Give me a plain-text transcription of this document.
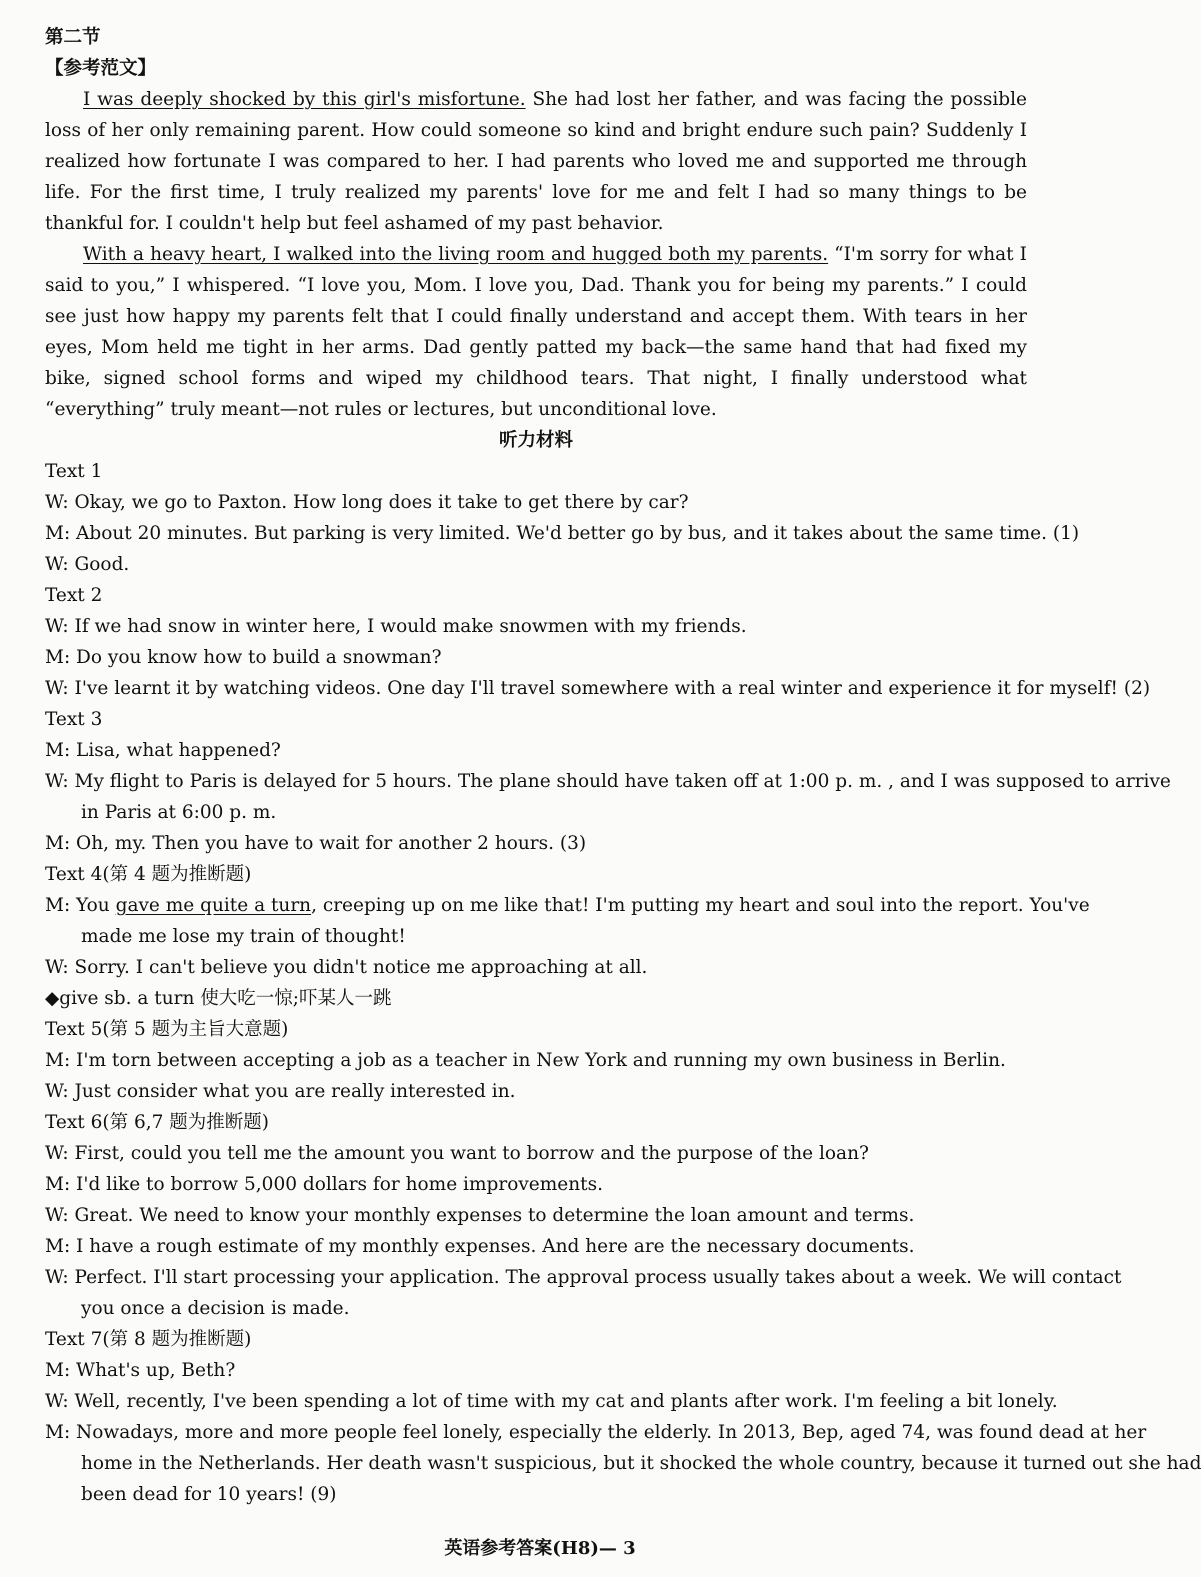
第二节
【参考范文】
I was deeply shocked by this girl's misfortune. She had lost her father, and was facing the possible loss of her only remaining parent. How could someone so kind and bright endure such pain? Suddenly I realized how fortunate I was compared to her. I had parents who loved me and supported me through life. For the first time, I truly realized my parents' love for me and felt I had so many things to be thankful for. I couldn't help but feel ashamed of my past behavior.
With a heavy heart, I walked into the living room and hugged both my parents. “I'm sorry for what I said to you,” I whispered. “I love you, Mom. I love you, Dad. Thank you for being my parents.” I could see just how happy my parents felt that I could finally understand and accept them. With tears in her eyes, Mom held me tight in her arms. Dad gently patted my back—the same hand that had fixed my bike, signed school forms and wiped my childhood tears. That night, I finally understood what “everything” truly meant—not rules or lectures, but unconditional love.
听力材料
Text 1
W: Okay, we go to Paxton. How long does it take to get there by car?
M: About 20 minutes. But parking is very limited. We'd better go by bus, and it takes about the same time. (1)
W: Good.
Text 2
W: If we had snow in winter here, I would make snowmen with my friends.
M: Do you know how to build a snowman?
W: I've learnt it by watching videos. One day I'll travel somewhere with a real winter and experience it for myself! (2)
Text 3
M: Lisa, what happened?
W: My flight to Paris is delayed for 5 hours. The plane should have taken off at 1:00 p. m. , and I was supposed to arrive
in Paris at 6:00 p. m.
M: Oh, my. Then you have to wait for another 2 hours. (3)
Text 4(第 4 题为推断题)
M: You gave me quite a turn, creeping up on me like that! I'm putting my heart and soul into the report. You've
made me lose my train of thought!
W: Sorry. I can't believe you didn't notice me approaching at all.
◆give sb. a turn 使大吃一惊;吓某人一跳
Text 5(第 5 题为主旨大意题)
M: I'm torn between accepting a job as a teacher in New York and running my own business in Berlin.
W: Just consider what you are really interested in.
Text 6(第 6,7 题为推断题)
W: First, could you tell me the amount you want to borrow and the purpose of the loan?
M: I'd like to borrow 5,000 dollars for home improvements.
W: Great. We need to know your monthly expenses to determine the loan amount and terms.
M: I have a rough estimate of my monthly expenses. And here are the necessary documents.
W: Perfect. I'll start processing your application. The approval process usually takes about a week. We will contact
you once a decision is made.
Text 7(第 8 题为推断题)
M: What's up, Beth?
W: Well, recently, I've been spending a lot of time with my cat and plants after work. I'm feeling a bit lonely.
M: Nowadays, more and more people feel lonely, especially the elderly. In 2013, Bep, aged 74, was found dead at her
home in the Netherlands. Her death wasn't suspicious, but it shocked the whole country, because it turned out she had
been dead for 10 years! (9)
英语参考答案(H8)— 3
